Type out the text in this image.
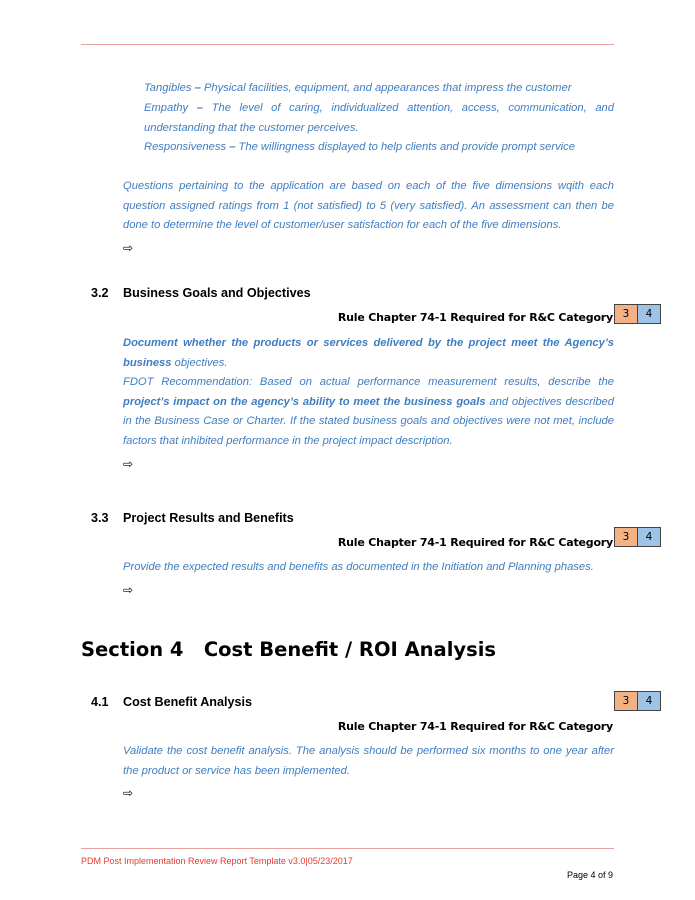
Tangibles – Physical facilities, equipment, and appearances that impress the customer
Empathy – The level of caring, individualized attention, access, communication, and understanding that the customer perceives.
Responsiveness – The willingness displayed to help clients and provide prompt service
Questions pertaining to the application are based on each of the five dimensions wqith each question assigned ratings from 1 (not satisfied) to 5 (very satisfied). An assessment can then be done to determine the level of customer/user satisfaction for each of the five dimensions.
⇨
3.2 Business Goals and Objectives
Rule Chapter 74-1 Required for R&C Category 3	4
Document whether the products or services delivered by the project meet the Agency’s business objectives.
FDOT Recommendation: Based on actual performance measurement results, describe the project’s impact on the agency’s ability to meet the business goals and objectives described in the Business Case or Charter. If the stated business goals and objectives were not met, include factors that inhibited performance in the project impact description.
⇨
3.3 Project Results and Benefits
Rule Chapter 74-1 Required for R&C Category 3	4
Provide the expected results and benefits as documented in the Initiation and Planning phases.
⇨
Section 4   Cost Benefit / ROI Analysis
4.1 Cost Benefit Analysis	3	4
Rule Chapter 74-1 Required for R&C Category
Validate the cost benefit analysis. The analysis should be performed six months to one year after the product or service has been implemented.
⇨
PDM Post Implementation Review Report Template v3.0|05/23/2017
Page 4 of 9
